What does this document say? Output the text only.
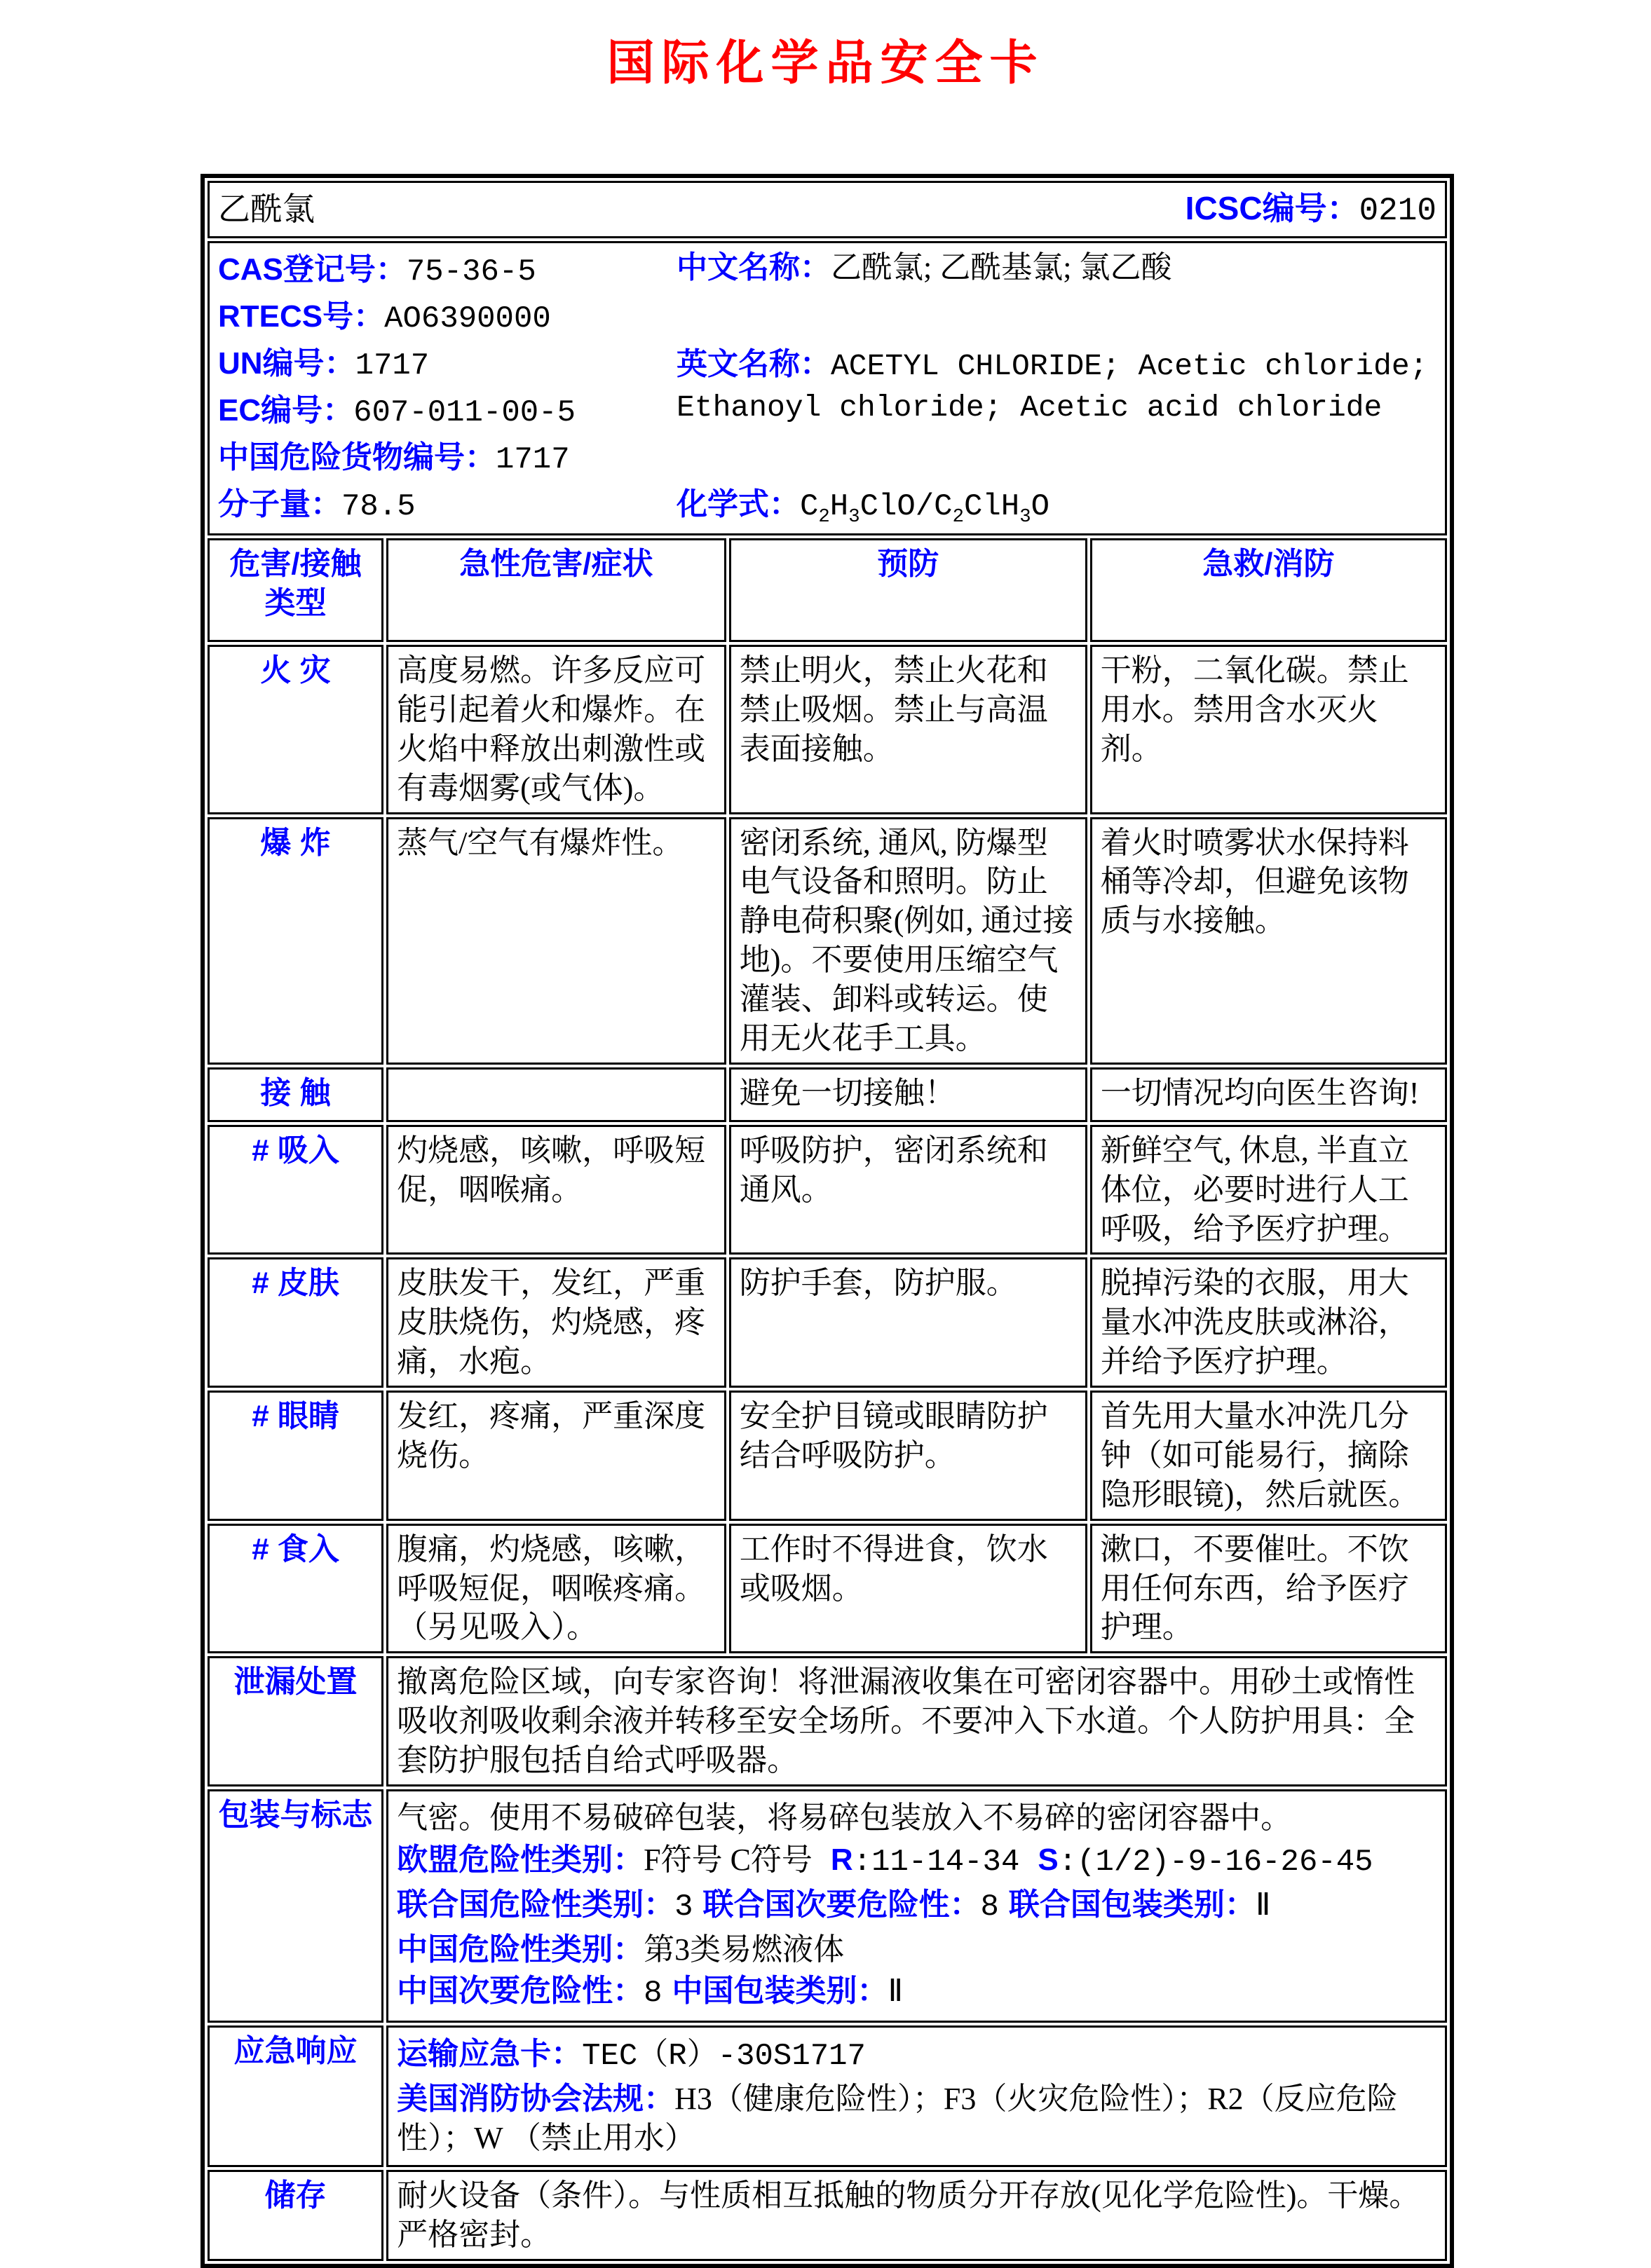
国际化学品安全卡
乙酰氯 ICSC编号：0210			

CAS登记号：75-36-5
RTECS号：AO6390000
UN编号：1717
EC编号：607-011-00-5
中国危险货物编号：1717
分子量：78.5
中文名称：乙酰氯; 乙酰基氯; 氯乙酸
英文名称：ACETYL CHLORIDE; Acetic chloride; Ethanoyl chloride; Acetic acid chloride
化学式：$C_2H_3ClO/C_2ClH_3O$

危害/接触类型	急性危害/症状	预防	急救/消防
火 灾	高度易燃。许多反应可能引起着火和爆炸。在火焰中释放出刺激性或有毒烟雾(或气体)。	禁止明火，禁止火花和禁止吸烟。禁止与高温表面接触。	干粉，二氧化碳。禁止用水。禁用含水灭火剂。
爆 炸	蒸气/空气有爆炸性。	密闭系统, 通风, 防爆型电气设备和照明。防止静电荷积聚(例如, 通过接地)。不要使用压缩空气灌装、卸料或转运。使用无火花手工具。	着火时喷雾状水保持料桶等冷却，但避免该物质与水接触。
接 触		避免一切接触！	一切情况均向医生咨询!
# 吸入	灼烧感，咳嗽，呼吸短促，咽喉痛。	呼吸防护，密闭系统和通风。	新鲜空气, 休息, 半直立体位，必要时进行人工呼吸，给予医疗护理。
# 皮肤	皮肤发干，发红，严重皮肤烧伤，灼烧感，疼痛，水疱。	防护手套，防护服。	脱掉污染的衣服，用大量水冲洗皮肤或淋浴，并给予医疗护理。
# 眼睛	发红，疼痛，严重深度烧伤。	安全护目镜或眼睛防护结合呼吸防护。	首先用大量水冲洗几分钟（如可能易行，摘除隐形眼镜)，然后就医。
# 食入	腹痛，灼烧感，咳嗽，呼吸短促，咽喉疼痛。（另见吸入）。	工作时不得进食，饮水或吸烟。	漱口，不要催吐。不饮用任何东西，给予医疗护理。
泄漏处置	撤离危险区域，向专家咨询！将泄漏液收集在可密闭容器中。用砂土或惰性吸收剂吸收剩余液并转移至安全场所。不要冲入下水道。个人防护用具：全套防护服包括自给式呼吸器。		
包装与标志	气密。使用不易破碎包装，将易碎包装放入不易碎的密闭容器中。
欧盟危险性类别：F符号 C符号 R:11-14-34 S:(1/2)-9-16-26-45
联合国危险性类别：3 联合国次要危险性：8 联合国包装类别：Ⅱ
中国危险性类别：第3类易燃液体
中国次要危险性：8 中国包装类别：Ⅱ		

应急响应	运输应急卡：TEC（R）-30S1717
美国消防协会法规：H3（健康危险性）；F3（火灾危险性）；R2（反应危险性）；W （禁止用水）		

储存	耐火设备（条件）。与性质相互抵触的物质分开存放(见化学危险性)。干燥。严格密封。		
